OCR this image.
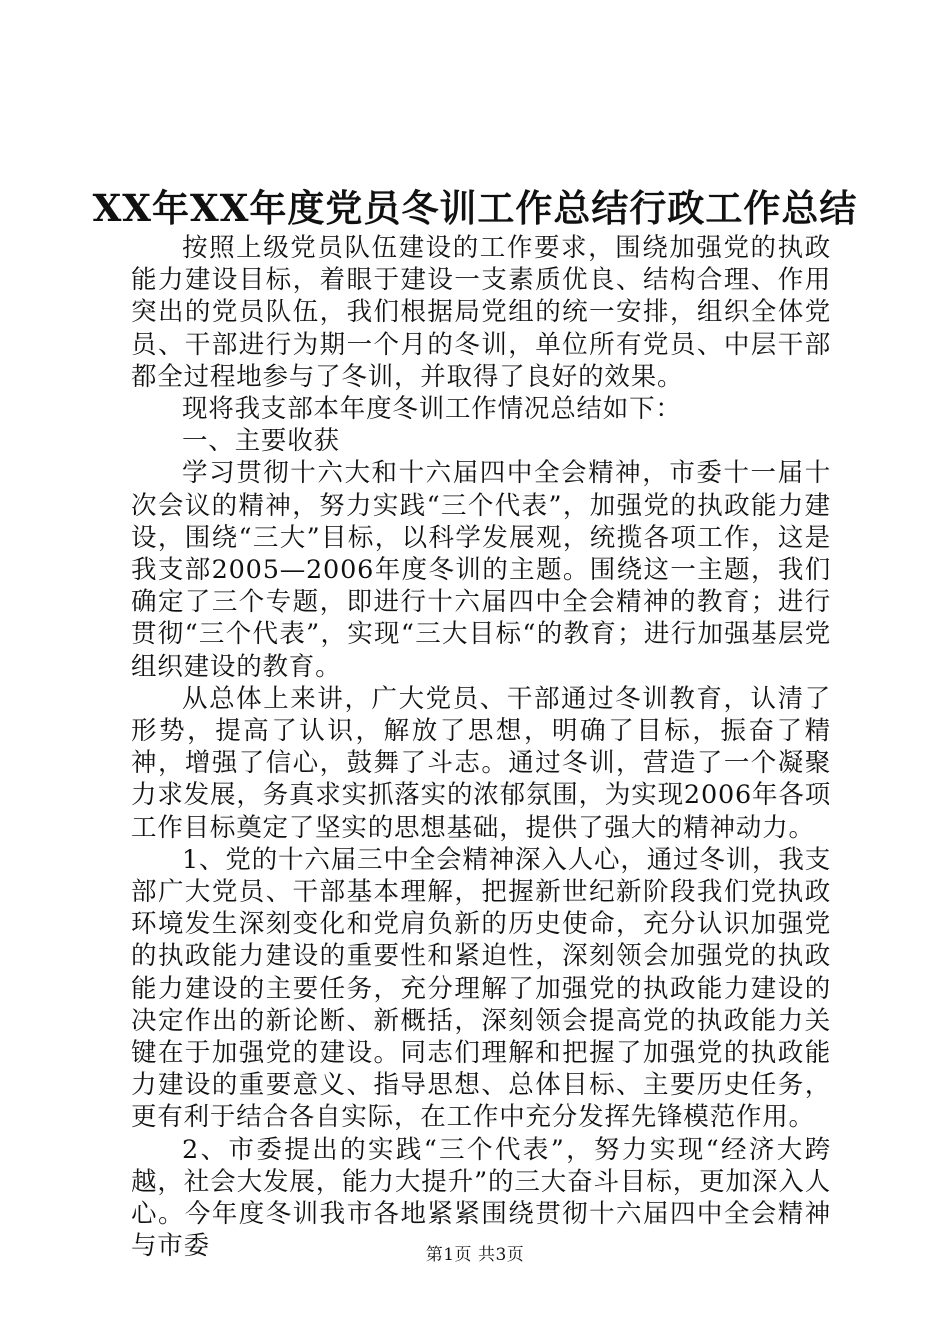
XX年XX年度党员冬训工作总结行政工作总结

按照上级党员队伍建设的工作要求，围绕加强党的执政能力建设目标，着眼于建设一支素质优良、结构合理、作用突出的党员队伍，我们根据局党组的统一安排，组织全体党员、干部进行为期一个月的冬训，单位所有党员、中层干部都全过程地参与了冬训，并取得了良好的效果。

现将我支部本年度冬训工作情况总结如下：

一、主要收获

学习贯彻十六大和十六届四中全会精神，市委十一届十次会议的精神，努力实践“三个代表”，加强党的执政能力建设，围绕“三大”目标，以科学发展观，统揽各项工作，这是我支部2005—2006年度冬训的主题。围绕这一主题，我们确定了三个专题，即进行十六届四中全会精神的教育；进行贯彻“三个代表”，实现“三大目标“的教育；进行加强基层党组织建设的教育。

从总体上来讲，广大党员、干部通过冬训教育，认清了形势，提高了认识，解放了思想，明确了目标，振奋了精神，增强了信心，鼓舞了斗志。通过冬训，营造了一个凝聚力求发展，务真求实抓落实的浓郁氛围，为实现2006年各项工作目标奠定了坚实的思想基础，提供了强大的精神动力。

1、党的十六届三中全会精神深入人心，通过冬训，我支部广大党员、干部基本理解，把握新世纪新阶段我们党执政环境发生深刻变化和党肩负新的历史使命，充分认识加强党的执政能力建设的重要性和紧迫性，深刻领会加强党的执政能力建设的主要任务，充分理解了加强党的执政能力建设的决定作出的新论断、新概括，深刻领会提高党的执政能力关键在于加强党的建设。同志们理解和把握了加强党的执政能力建设的重要意义、指导思想、总体目标、主要历史任务，更有利于结合各自实际，在工作中充分发挥先锋模范作用。

2、市委提出的实践“三个代表”，努力实现“经济大跨越，社会大发展，能力大提升”的三大奋斗目标，更加深入人心。今年度冬训我市各地紧紧围绕贯彻十六届四中全会精神与市委	第1页 共3页
